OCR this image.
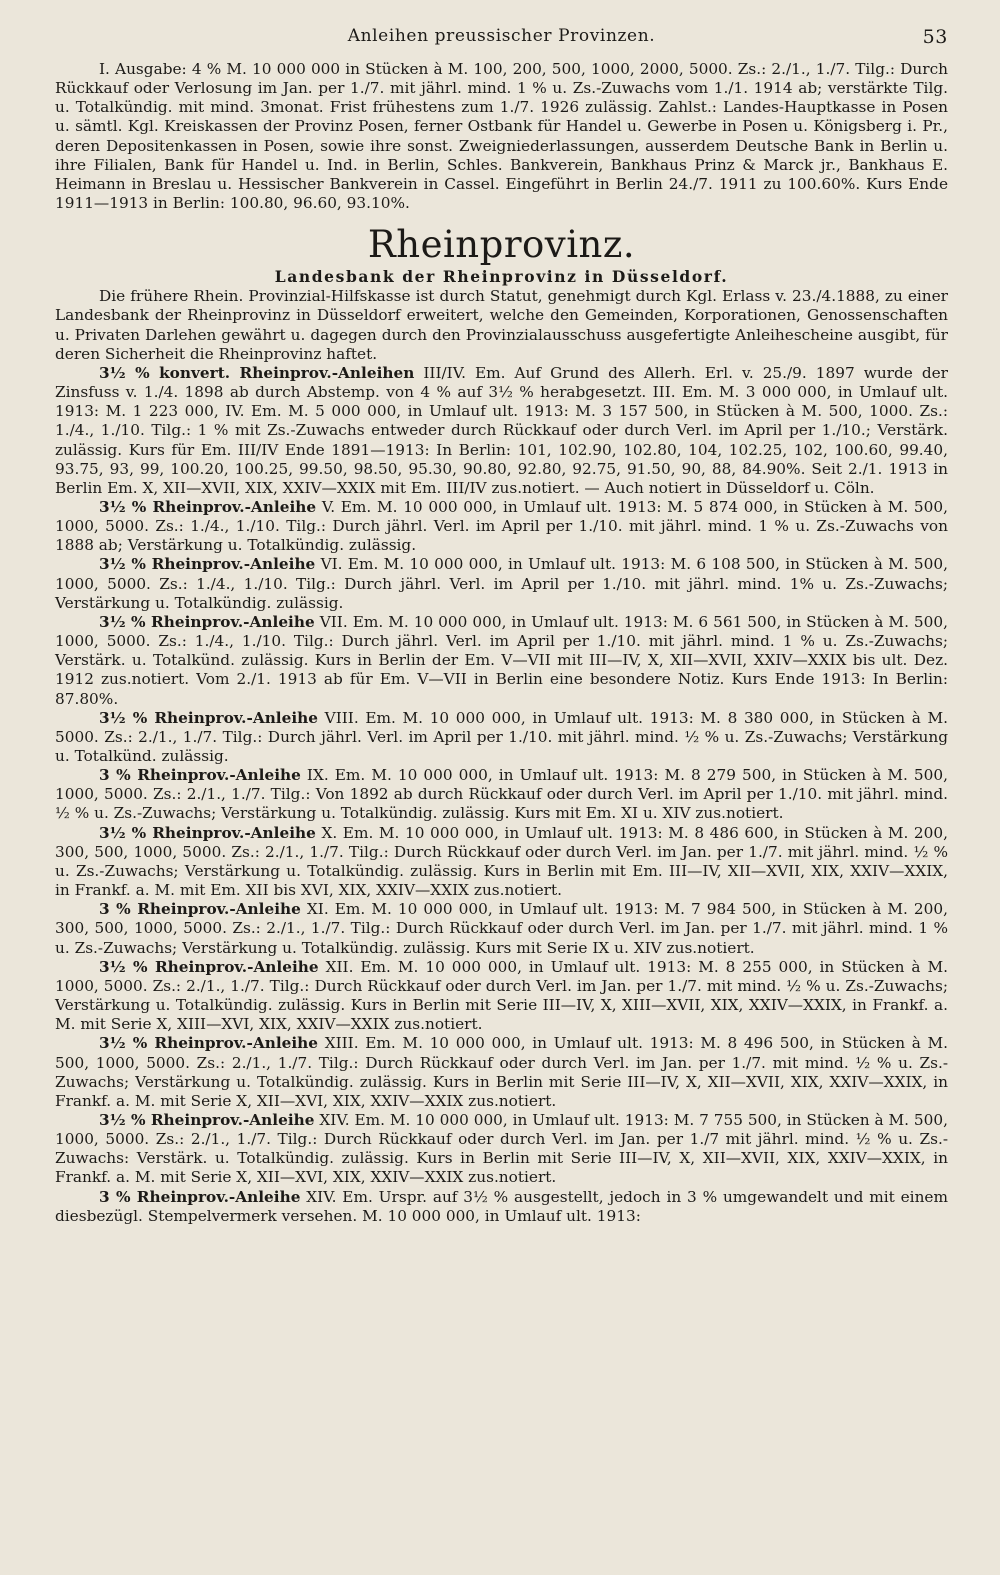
Anleihen preussischer Provinzen.	53

I. Ausgabe: 4 % M. 10 000 000 in Stücken à M. 100, 200, 500, 1000, 2000, 5000. Zs.: 2./1., 1./7. Tilg.: Durch Rückkauf oder Verlosung im Jan. per 1./7. mit jährl. mind. 1 % u. Zs.-Zuwachs vom 1./1. 1914 ab; verstärkte Tilg. u. Totalkündig. mit mind. 3monat. Frist frühestens zum 1./7. 1926 zulässig. Zahlst.: Landes-Hauptkasse in Posen u. sämtl. Kgl. Kreiskassen der Provinz Posen, ferner Ostbank für Handel u. Gewerbe in Posen u. Königsberg i. Pr., deren Depositenkassen in Posen, sowie ihre sonst. Zweigniederlassungen, ausserdem Deutsche Bank in Berlin u. ihre Filialen, Bank für Handel u. Ind. in Berlin, Schles. Bankverein, Bankhaus Prinz & Marck jr., Bankhaus E. Heimann in Breslau u. Hessischer Bankverein in Cassel. Eingeführt in Berlin 24./7. 1911 zu 100.60%. Kurs Ende 1911—1913 in Berlin: 100.80, 96.60, 93.10%.

Rheinprovinz.
Landesbank der Rheinprovinz in Düsseldorf.

Die frühere Rhein. Provinzial-Hilfskasse ist durch Statut, genehmigt durch Kgl. Erlass v. 23./4.1888, zu einer Landesbank der Rheinprovinz in Düsseldorf erweitert, welche den Gemeinden, Korporationen, Genossenschaften u. Privaten Darlehen gewährt u. dagegen durch den Provinzialausschuss ausgefertigte Anleihescheine ausgibt, für deren Sicherheit die Rheinprovinz haftet.

3½ % konvert. Rheinprov.-Anleihen III/IV. Em. Auf Grund des Allerh. Erl. v. 25./9. 1897 wurde der Zinsfuss v. 1./4. 1898 ab durch Abstemp. von 4 % auf 3½ % herabgesetzt. III. Em. M. 3 000 000, in Umlauf ult. 1913: M. 1 223 000, IV. Em. M. 5 000 000, in Umlauf ult. 1913: M. 3 157 500, in Stücken à M. 500, 1000. Zs.: 1./4., 1./10. Tilg.: 1 % mit Zs.-Zuwachs entweder durch Rückkauf oder durch Verl. im April per 1./10.; Verstärk. zulässig. Kurs für Em. III/IV Ende 1891—1913: In Berlin: 101, 102.90, 102.80, 104, 102.25, 102, 100.60, 99.40, 93.75, 93, 99, 100.20, 100.25, 99.50, 98.50, 95.30, 90.80, 92.80, 92.75, 91.50, 90, 88, 84.90%. Seit 2./1. 1913 in Berlin Em. X, XII—XVII, XIX, XXIV—XXIX mit Em. III/IV zus.notiert. — Auch notiert in Düsseldorf u. Cöln.

3½ % Rheinprov.-Anleihe V. Em. M. 10 000 000, in Umlauf ult. 1913: M. 5 874 000, in Stücken à M. 500, 1000, 5000. Zs.: 1./4., 1./10. Tilg.: Durch jährl. Verl. im April per 1./10. mit jährl. mind. 1 % u. Zs.-Zuwachs von 1888 ab; Verstärkung u. Totalkündig. zulässig.

3½ % Rheinprov.-Anleihe VI. Em. M. 10 000 000, in Umlauf ult. 1913: M. 6 108 500, in Stücken à M. 500, 1000, 5000. Zs.: 1./4., 1./10. Tilg.: Durch jährl. Verl. im April per 1./10. mit jährl. mind. 1% u. Zs.-Zuwachs; Verstärkung u. Totalkündig. zulässig.

3½ % Rheinprov.-Anleihe VII. Em. M. 10 000 000, in Umlauf ult. 1913: M. 6 561 500, in Stücken à M. 500, 1000, 5000. Zs.: 1./4., 1./10. Tilg.: Durch jährl. Verl. im April per 1./10. mit jährl. mind. 1 % u. Zs.-Zuwachs; Verstärk. u. Totalkünd. zulässig. Kurs in Berlin der Em. V—VII mit III—IV, X, XII—XVII, XXIV—XXIX bis ult. Dez. 1912 zus.notiert. Vom 2./1. 1913 ab für Em. V—VII in Berlin eine besondere Notiz. Kurs Ende 1913: In Berlin: 87.80%.

3½ % Rheinprov.-Anleihe VIII. Em. M. 10 000 000, in Umlauf ult. 1913: M. 8 380 000, in Stücken à M. 5000. Zs.: 2./1., 1./7. Tilg.: Durch jährl. Verl. im April per 1./10. mit jährl. mind. ½ % u. Zs.-Zuwachs; Verstärkung u. Totalkünd. zulässig.

3 % Rheinprov.-Anleihe IX. Em. M. 10 000 000, in Umlauf ult. 1913: M. 8 279 500, in Stücken à M. 500, 1000, 5000. Zs.: 2./1., 1./7. Tilg.: Von 1892 ab durch Rückkauf oder durch Verl. im April per 1./10. mit jährl. mind. ½ % u. Zs.-Zuwachs; Verstärkung u. Totalkündig. zulässig. Kurs mit Em. XI u. XIV zus.notiert.

3½ % Rheinprov.-Anleihe X. Em. M. 10 000 000, in Umlauf ult. 1913: M. 8 486 600, in Stücken à M. 200, 300, 500, 1000, 5000. Zs.: 2./1., 1./7. Tilg.: Durch Rückkauf oder durch Verl. im Jan. per 1./7. mit jährl. mind. ½ % u. Zs.-Zuwachs; Verstärkung u. Totalkündig. zulässig. Kurs in Berlin mit Em. III—IV, XII—XVII, XIX, XXIV—XXIX, in Frankf. a. M. mit Em. XII bis XVI, XIX, XXIV—XXIX zus.notiert.

3 % Rheinprov.-Anleihe XI. Em. M. 10 000 000, in Umlauf ult. 1913: M. 7 984 500, in Stücken à M. 200, 300, 500, 1000, 5000. Zs.: 2./1., 1./7. Tilg.: Durch Rückkauf oder durch Verl. im Jan. per 1./7. mit jährl. mind. 1 % u. Zs.-Zuwachs; Verstärkung u. Totalkündig. zulässig. Kurs mit Serie IX u. XIV zus.notiert.

3½ % Rheinprov.-Anleihe XII. Em. M. 10 000 000, in Umlauf ult. 1913: M. 8 255 000, in Stücken à M. 1000, 5000. Zs.: 2./1., 1./7. Tilg.: Durch Rückkauf oder durch Verl. im Jan. per 1./7. mit mind. ½ % u. Zs.-Zuwachs; Verstärkung u. Totalkündig. zulässig. Kurs in Berlin mit Serie III—IV, X, XIII—XVII, XIX, XXIV—XXIX, in Frankf. a. M. mit Serie X, XIII—XVI, XIX, XXIV—XXIX zus.notiert.

3½ % Rheinprov.-Anleihe XIII. Em. M. 10 000 000, in Umlauf ult. 1913: M. 8 496 500, in Stücken à M. 500, 1000, 5000. Zs.: 2./1., 1./7. Tilg.: Durch Rückkauf oder durch Verl. im Jan. per 1./7. mit mind. ½ % u. Zs.-Zuwachs; Verstärkung u. Totalkündig. zulässig. Kurs in Berlin mit Serie III—IV, X, XII—XVII, XIX, XXIV—XXIX, in Frankf. a. M. mit Serie X, XII—XVI, XIX, XXIV—XXIX zus.notiert.

3½ % Rheinprov.-Anleihe XIV. Em. M. 10 000 000, in Umlauf ult. 1913: M. 7 755 500, in Stücken à M. 500, 1000, 5000. Zs.: 2./1., 1./7. Tilg.: Durch Rückkauf oder durch Verl. im Jan. per 1./7 mit jährl. mind. ½ % u. Zs.-Zuwachs: Verstärk. u. Totalkündig. zulässig. Kurs in Berlin mit Serie III—IV, X, XII—XVII, XIX, XXIV—XXIX, in Frankf. a. M. mit Serie X, XII—XVI, XIX, XXIV—XXIX zus.notiert.

3 % Rheinprov.-Anleihe XIV. Em. Urspr. auf 3½ % ausgestellt, jedoch in 3 % umgewandelt und mit einem diesbezügl. Stempelvermerk versehen. M. 10 000 000, in Umlauf ult. 1913:
